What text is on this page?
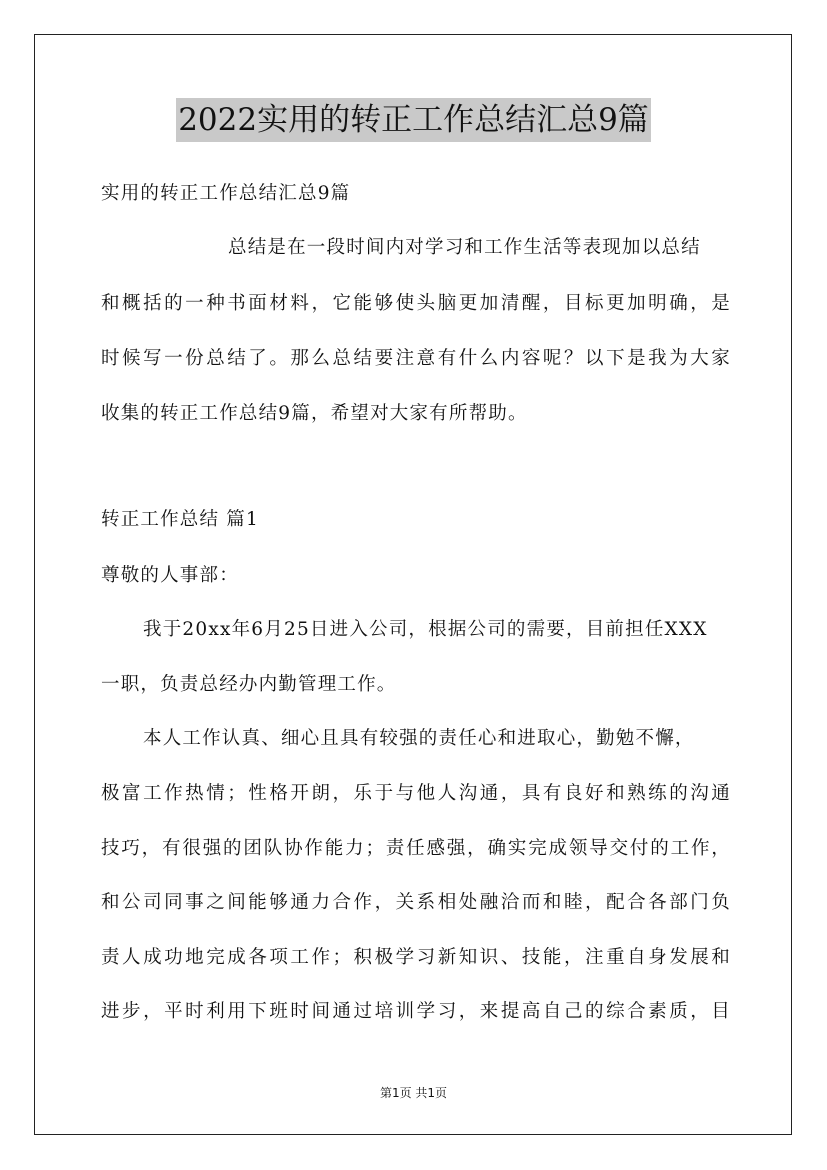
2022实用的转正工作总结汇总9篇
实用的转正工作总结汇总9篇
总结是在一段时间内对学习和工作生活等表现加以总结
和概括的一种书面材料，它能够使头脑更加清醒，目标更加明确，是
时候写一份总结了。那么总结要注意有什么内容呢？以下是我为大家
收集的转正工作总结9篇，希望对大家有所帮助。
转正工作总结 篇1
尊敬的人事部：
我于20xx年6月25日进入公司，根据公司的需要，目前担任XXX
一职，负责总经办内勤管理工作。
本人工作认真、细心且具有较强的责任心和进取心，勤勉不懈，
极富工作热情；性格开朗，乐于与他人沟通，具有良好和熟练的沟通
技巧，有很强的团队协作能力；责任感强，确实完成领导交付的工作，
和公司同事之间能够通力合作，关系相处融洽而和睦，配合各部门负
责人成功地完成各项工作；积极学习新知识、技能，注重自身发展和
进步，平时利用下班时间通过培训学习，来提高自己的综合素质，目
第1页 共1页
